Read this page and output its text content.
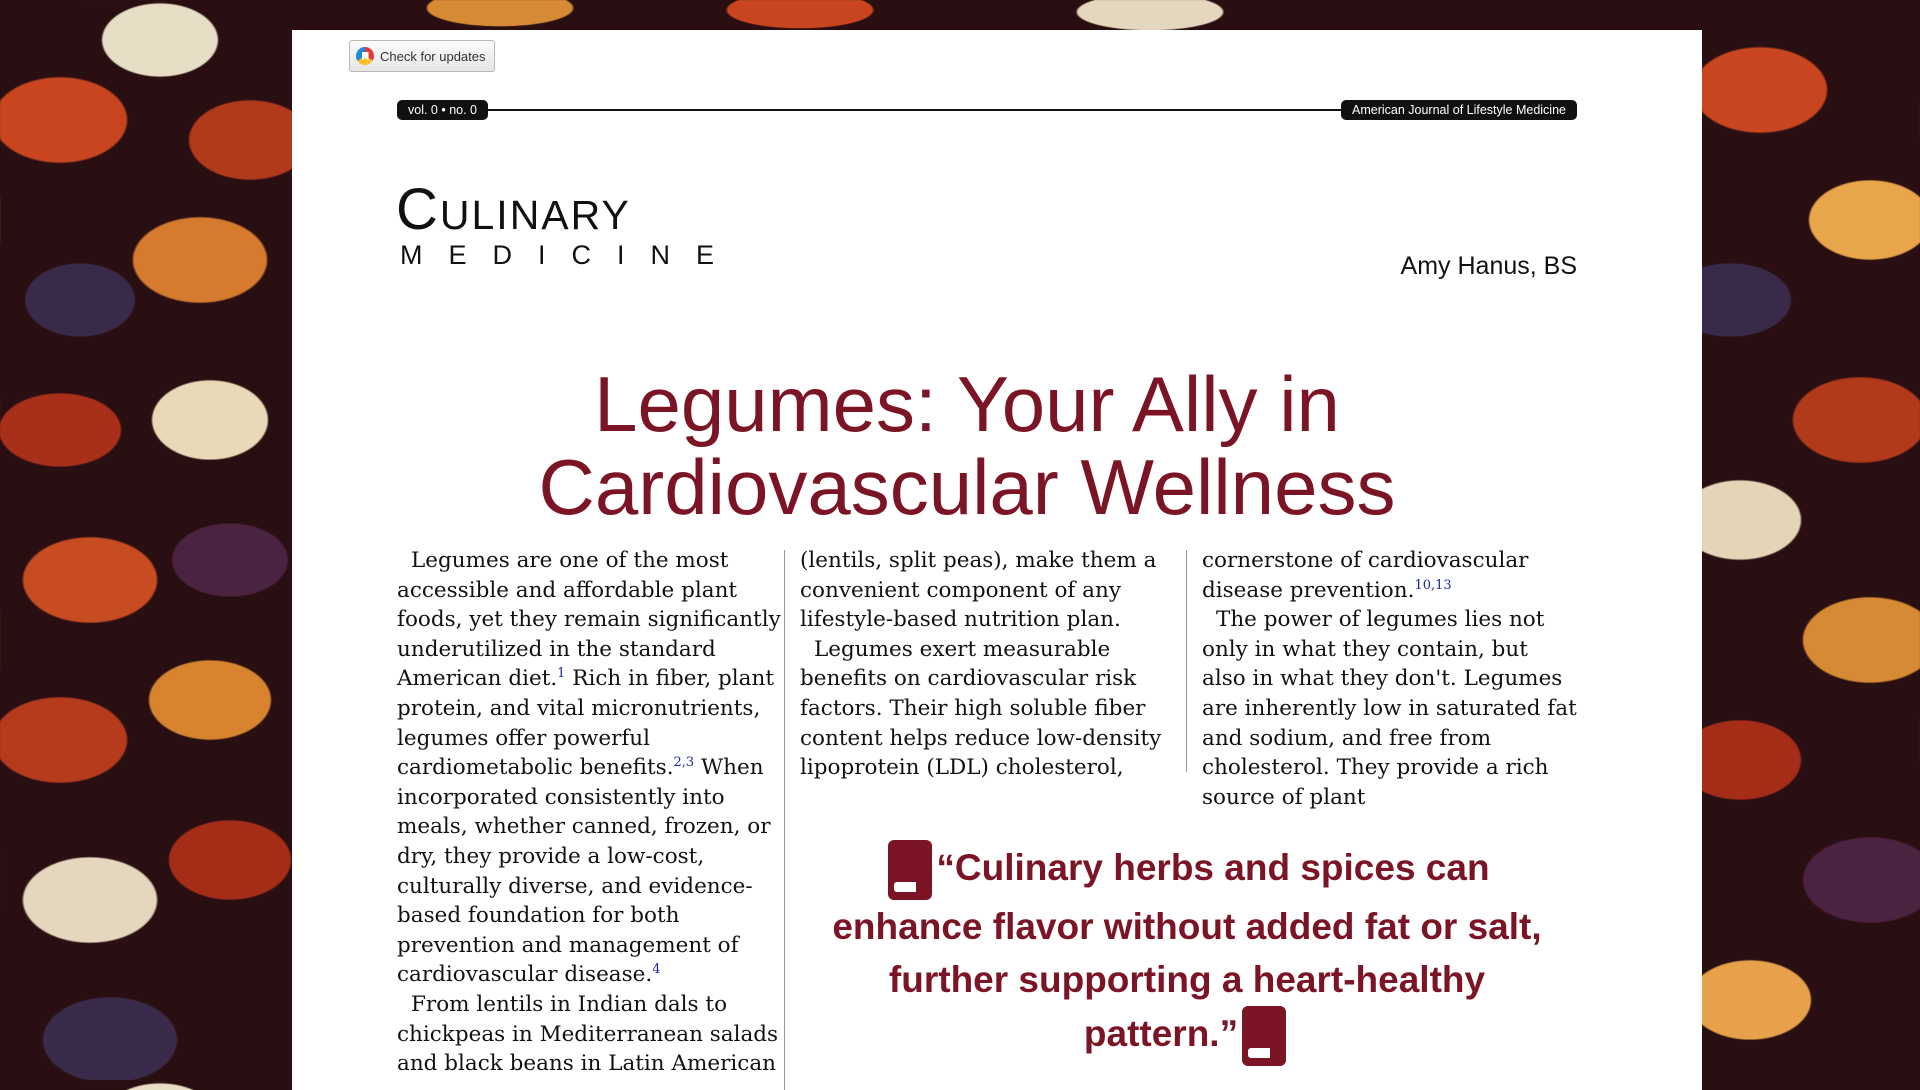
Check for updates
vol. 0 • no. 0	American Journal of Lifestyle Medicine
Culinary
MEDICINE	Amy Hanus, BS
Legumes: Your Ally in
Cardiovascular Wellness

Legumes are one of the most accessible and affordable plant foods, yet they remain significantly underutilized in the standard American diet.$^1$ Rich in fiber, plant protein, and vital micronutrients, legumes offer powerful cardiometabolic benefits.$^{2,3}$ When incorporated consistently into meals, whether canned, frozen, or dry, they provide a low-cost, culturally diverse, and evidence-based foundation for both prevention and management of cardiovascular disease.$^4$

From lentils in Indian dals to chickpeas in Mediterranean salads and black beans in Latin American

(lentils, split peas), make them a convenient component of any lifestyle-based nutrition plan.

Legumes exert measurable benefits on cardiovascular risk factors. Their high soluble fiber content helps reduce low-density lipoprotein (LDL) cholesterol,

cornerstone of cardiovascular disease prevention.$^{10,13}$

The power of legumes lies not only in what they contain, but also in what they don't. Legumes are inherently low in saturated fat and sodium, and free from cholesterol. They provide a rich source of plant

“Culinary herbs and spices can enhance flavor without added fat or salt, further supporting a heart-healthy pattern.”
